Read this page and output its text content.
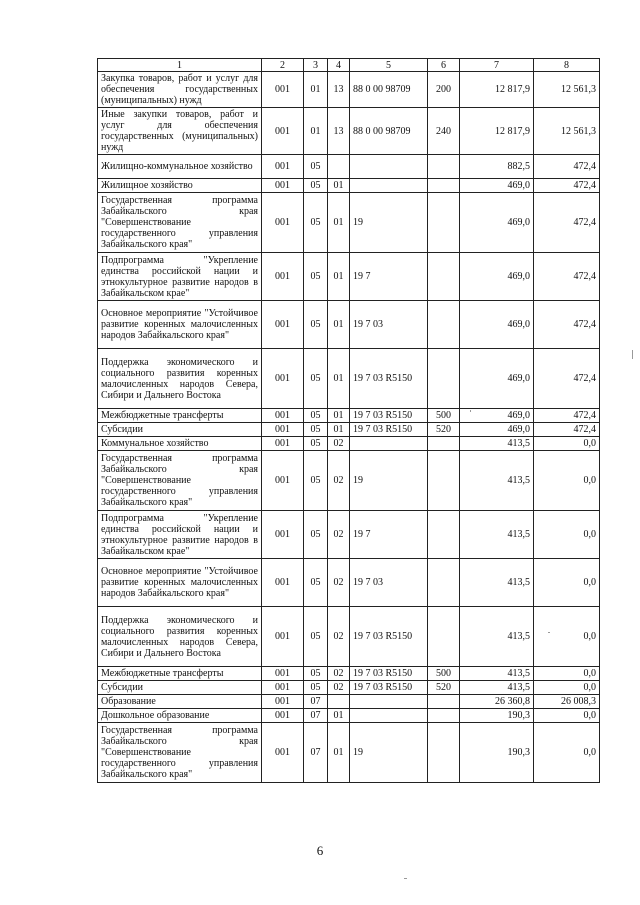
1	2	3	4	5	6	7	8
Закупка товаров, работ и услуг для обеспечения государственных (муниципальных) нужд	001	01	13	88 0 00 98709	200	12 817,9	12 561,3
Иные закупки товаров, работ и услуг для обеспечения государственных (муниципальных) нужд	001	01	13	88 0 00 98709	240	12 817,9	12 561,3
Жилищно-коммунальное хозяйство	001	05				882,5	472,4
Жилищное хозяйство	001	05	01			469,0	472,4
Государственная программа Забайкальского края "Совершенствование государственного управления Забайкальского края"	001	05	01	19		469,0	472,4
Подпрограмма "Укрепление единства российской нации и этнокультурное развитие народов в Забайкальском крае"	001	05	01	19 7		469,0	472,4
Основное мероприятие "Устойчивое развитие коренных малочисленных народов Забайкальского края"	001	05	01	19 7 03		469,0	472,4
Поддержка экономического и социального развития коренных малочисленных народов Севера, Сибири и Дальнего Востока	001	05	01	19 7 03 R5150		469,0	472,4
Межбюджетные трансферты	001	05	01	19 7 03 R5150	500	469,0	472,4
Субсидии	001	05	01	19 7 03 R5150	520	469,0	472,4
Коммунальное хозяйство	001	05	02			413,5	0,0
Государственная программа Забайкальского края "Совершенствование государственного управления Забайкальского края"	001	05	02	19		413,5	0,0
Подпрограмма "Укрепление единства российской нации и этнокультурное развитие народов в Забайкальском крае"	001	05	02	19 7		413,5	0,0
Основное мероприятие "Устойчивое развитие коренных малочисленных народов Забайкальского края"	001	05	02	19 7 03		413,5	0,0
Поддержка экономического и социального развития коренных малочисленных народов Севера, Сибири и Дальнего Востока	001	05	02	19 7 03 R5150		413,5	0,0
Межбюджетные трансферты	001	05	02	19 7 03 R5150	500	413,5	0,0
Субсидии	001	05	02	19 7 03 R5150	520	413,5	0,0
Образование	001	07				26 360,8	26 008,3
Дошкольное образование	001	07	01			190,3	0,0
Государственная программа Забайкальского края "Совершенствование государственного управления Забайкальского края"	001	07	01	19		190,3	0,0
6
